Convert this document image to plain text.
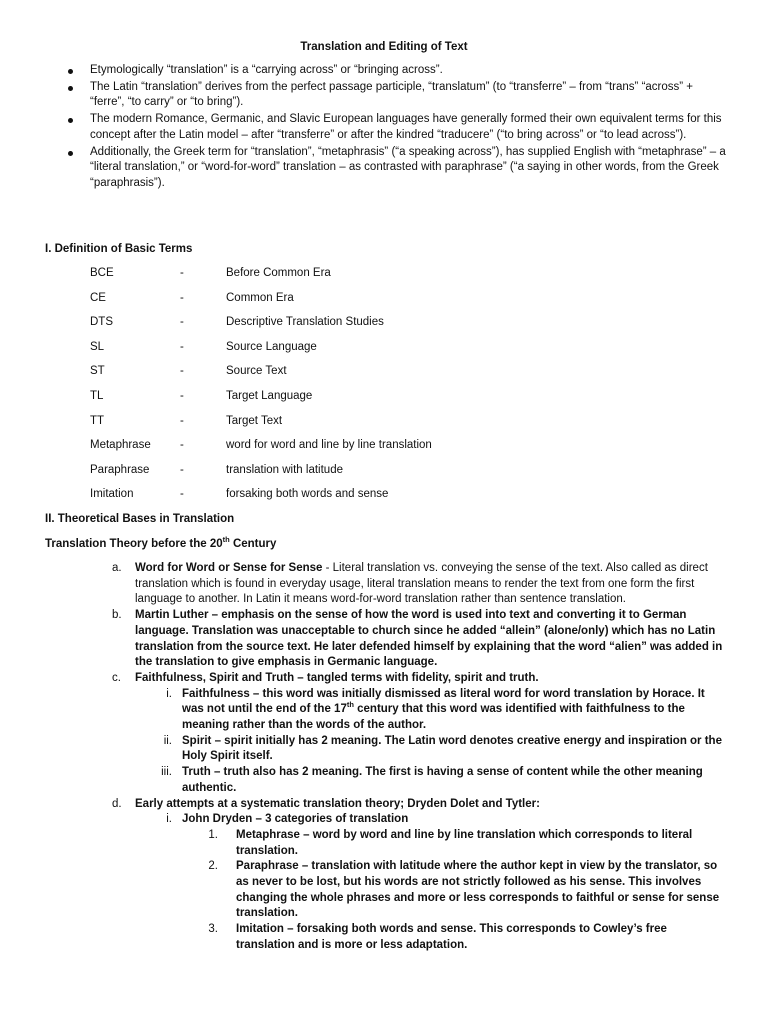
Translation and Editing of Text
Etymologically “translation” is a “carrying across” or “bringing across”.
The Latin “translation” derives from the perfect passage participle, “translatum” (to “transferre” – from “trans” “across” + “ferre”, “to carry” or “to bring”).
The modern Romance, Germanic, and Slavic European languages have generally formed their own equivalent terms for this concept after the Latin model – after “transferre” or after the kindred “traducere” (“to bring across” or “to lead across”).
Additionally, the Greek term for “translation”, “metaphrasis” (“a speaking across”), has supplied English with “metaphrase” – a “literal translation,” or “word-for-word” translation – as contrasted with paraphrase” (“a saying in other words, from the Greek “paraphrasis”).
I. Definition of Basic Terms
BCE	-	Before Common Era
CE	-	Common Era
DTS	-	Descriptive Translation Studies
SL	-	Source Language
ST	-	Source Text
TL	-	Target Language
TT	-	Target Text
Metaphrase	-	word for word and line by line translation
Paraphrase	-	translation with latitude
Imitation	-	forsaking both words and sense
II. Theoretical Bases in Translation
Translation Theory before the 20th Century
a. Word for Word or Sense for Sense - Literal translation vs. conveying the sense of the text. Also called as direct translation which is found in everyday usage, literal translation means to render the text from one form the first language to another. In Latin it means word-for-word translation rather than sentence translation.
b. Martin Luther – emphasis on the sense of how the word is used into text and converting it to German language. Translation was unacceptable to church since he added “allein” (alone/only) which has no Latin translation from the source text. He later defended himself by explaining that the word “alien” was added in the translation to give emphasis in Germanic language.
c. Faithfulness, Spirit and Truth – tangled terms with fidelity, spirit and truth.
i. Faithfulness – this word was initially dismissed as literal word for word translation by Horace. It was not until the end of the 17th century that this word was identified with faithfulness to the meaning rather than the words of the author.
ii. Spirit – spirit initially has 2 meaning. The Latin word denotes creative energy and inspiration or the Holy Spirit itself.
iii. Truth – truth also has 2 meaning. The first is having a sense of content while the other meaning authentic.
d. Early attempts at a systematic translation theory; Dryden Dolet and Tytler:
i. John Dryden – 3 categories of translation
1. Metaphrase – word by word and line by line translation which corresponds to literal translation.
2. Paraphrase – translation with latitude where the author kept in view by the translator, so as never to be lost, but his words are not strictly followed as his sense. This involves changing the whole phrases and more or less corresponds to faithful or sense for sense translation.
3. Imitation – forsaking both words and sense. This corresponds to Cowley’s free translation and is more or less adaptation.
